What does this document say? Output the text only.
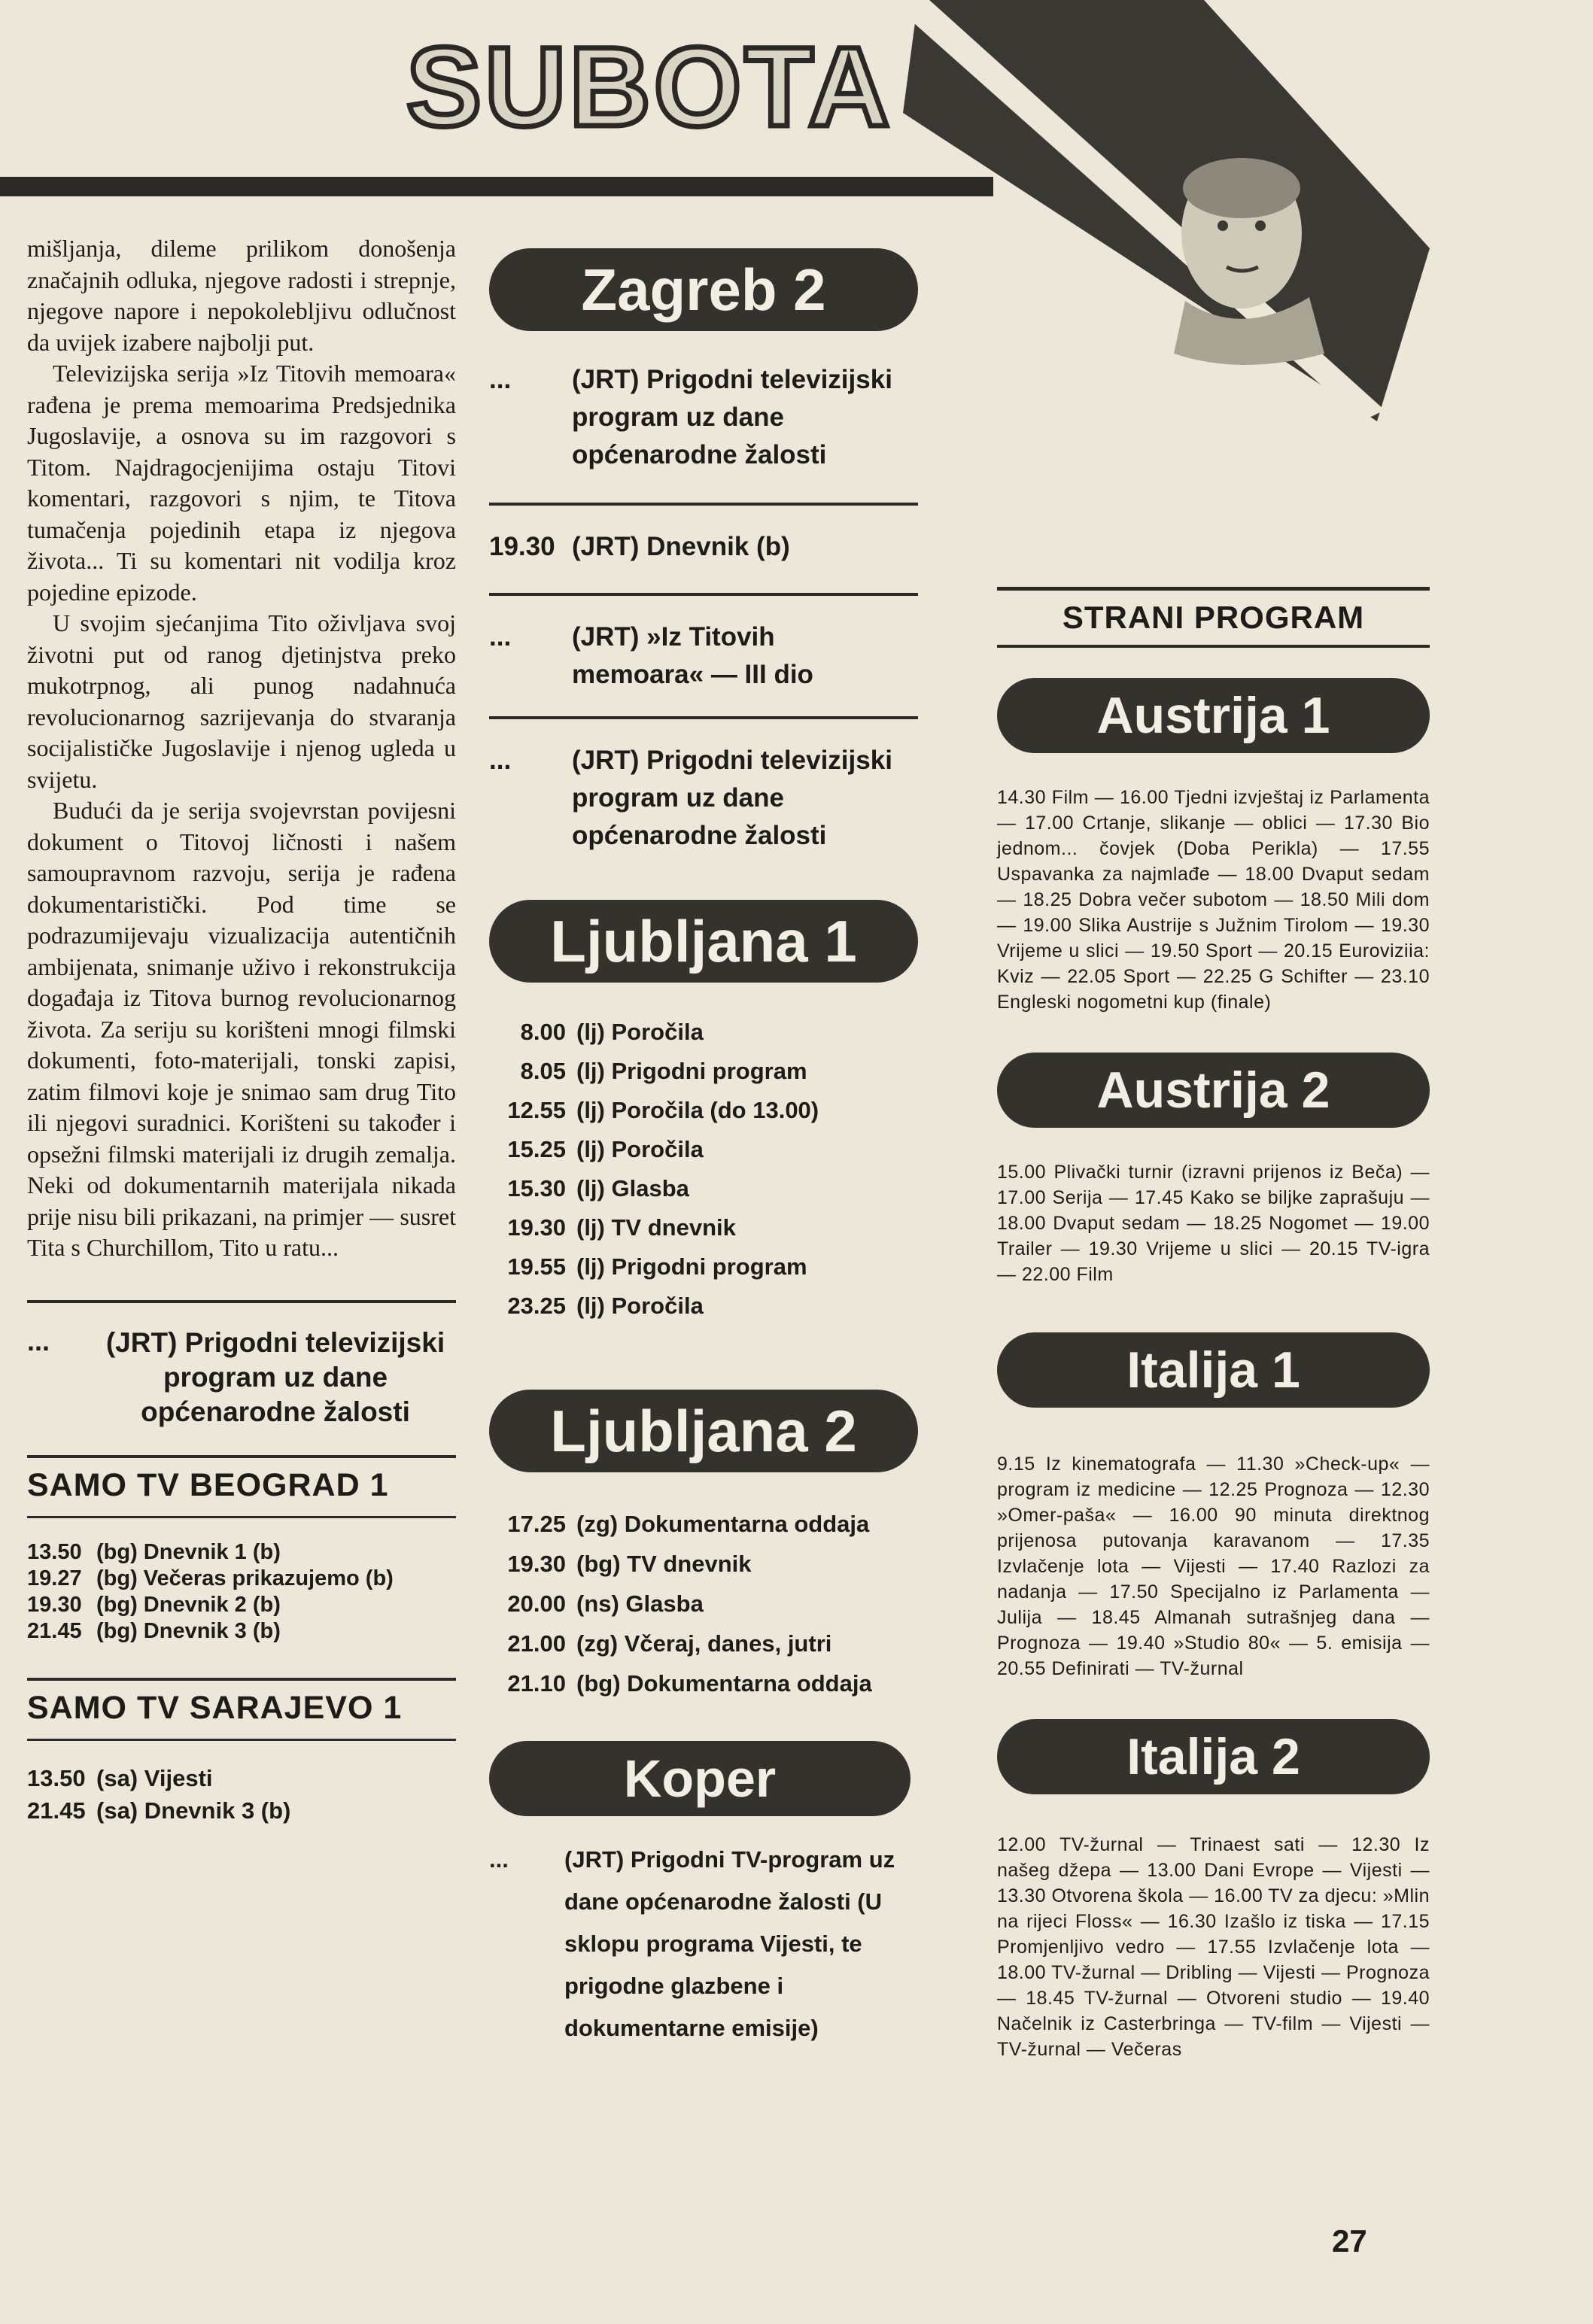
SUBOTA

mišljanja, dileme prilikom donošenja značajnih odluka, njegove radosti i strepnje, njegove napore i nepokolebljivu odlučnost da uvijek izabere najbolji put.

Televizijska serija »Iz Titovih memoara« rađena je prema memoarima Predsjednika Jugoslavije, a osnova su im razgovori s Titom. Najdragocjenijima ostaju Titovi komentari, razgovori s njim, te Titova tumačenja pojedinih etapa iz njegova života... Ti su komentari nit vodilja kroz pojedine epizode.

U svojim sjećanjima Tito oživljava svoj životni put od ranog djetinjstva preko mukotrpnog, ali punog nadahnuća revolucionarnog sazrijevanja do stvaranja socijalističke Jugoslavije i njenog ugleda u svijetu.

Budući da je serija svojevrstan povijesni dokument o Titovoj ličnosti i našem samoupravnom razvoju, serija je rađena dokumentaristički. Pod time se podrazumijevaju vizualizacija autentičnih ambijenata, snimanje uživo i rekonstrukcija događaja iz Titova burnog revolucionarnog života. Za seriju su korišteni mnogi filmski dokumenti, foto-materijali, tonski zapisi, zatim filmovi koje je snimao sam drug Tito ili njegovi suradnici. Korišteni su također i opsežni filmski materijali iz drugih zemalja. Neki od dokumentarnih materijala nikada prije nisu bili prikazani, na primjer — susret Tita s Churchillom, Tito u ratu...

...	(JRT) Prigodni televizijski program uz dane općenarodne žalosti
SAMO TV BEOGRAD 1
13.50 (bg) Dnevnik 1 (b)
19.27 (bg) Večeras prikazujemo (b)
19.30 (bg) Dnevnik 2 (b)
21.45 (bg) Dnevnik 3 (b)
SAMO TV SARAJEVO 1
13.50 (sa) Vijesti
21.45 (sa) Dnevnik 3 (b)
Zagreb 2
...	(JRT) Prigodni televizijski program uz dane općenarodne žalosti
19.30 (JRT) Dnevnik (b)
...	(JRT) »Iz Titovih memoara« — III dio
...	(JRT) Prigodni televizijski program uz dane općenarodne žalosti
Ljubljana 1
8.00 (lj) Poročila
8.05 (lj) Prigodni program
12.55 (lj) Poročila (do 13.00)
15.25 (lj) Poročila
15.30 (lj) Glasba
19.30 (lj) TV dnevnik
19.55 (lj) Prigodni program
23.25 (lj) Poročila
Ljubljana 2
17.25 (zg) Dokumentarna oddaja
19.30 (bg) TV dnevnik
20.00 (ns) Glasba
21.00 (zg) Včeraj, danes, jutri
21.10 (bg) Dokumentarna oddaja
Koper
...	(JRT) Prigodni TV-program uz dane općenarodne žalosti (U sklopu programa Vijesti, te prigodne glazbene i dokumentarne emisije)
STRANI PROGRAM
Austrija 1

14.30 Film — 16.00 Tjedni izvještaj iz Parlamenta — 17.00 Crtanje, slikanje — oblici — 17.30 Bio jednom... čovjek (Doba Perikla) — 17.55 Uspavanka za najmlađe — 18.00 Dvaput sedam — 18.25 Dobra večer subotom — 18.50 Mili dom — 19.00 Slika Austrije s Južnim Tirolom — 19.30 Vrijeme u slici — 19.50 Sport — 20.15 Euroviziia: Kviz — 22.05 Sport — 22.25 G Schifter — 23.10 Engleski nogometni kup (finale)

Austrija 2

15.00 Plivački turnir (izravni prijenos iz Beča) — 17.00 Serija — 17.45 Kako se biljke zaprašuju — 18.00 Dvaput sedam — 18.25 Nogomet — 19.00 Trailer — 19.30 Vrijeme u slici — 20.15 TV-igra — 22.00 Film

Italija 1

9.15 Iz kinematografa — 11.30 »Check-up« — program iz medicine — 12.25 Prognoza — 12.30 »Omer-paša« — 16.00 90 minuta direktnog prijenosa putovanja karavanom — 17.35 Izvlačenje lota — Vijesti — 17.40 Razlozi za nadanja — 17.50 Specijalno iz Parlamenta — Julija — 18.45 Almanah sutrašnjeg dana — Prognoza — 19.40 »Studio 80« — 5. emisija — 20.55 Definirati — TV-žurnal

Italija 2

12.00 TV-žurnal — Trinaest sati — 12.30 Iz našeg džepa — 13.00 Dani Evrope — Vijesti — 13.30 Otvorena škola — 16.00 TV za djecu: »Mlin na rijeci Floss« — 16.30 Izašlo iz tiska — 17.15 Promjenljivo vedro — 17.55 Izvlačenje lota — 18.00 TV-žurnal — Dribling — Vijesti — Prognoza — 18.45 TV-žurnal — Otvoreni studio — 19.40 Načelnik iz Casterbringa — TV-film — Vijesti — TV-žurnal — Večeras

27
